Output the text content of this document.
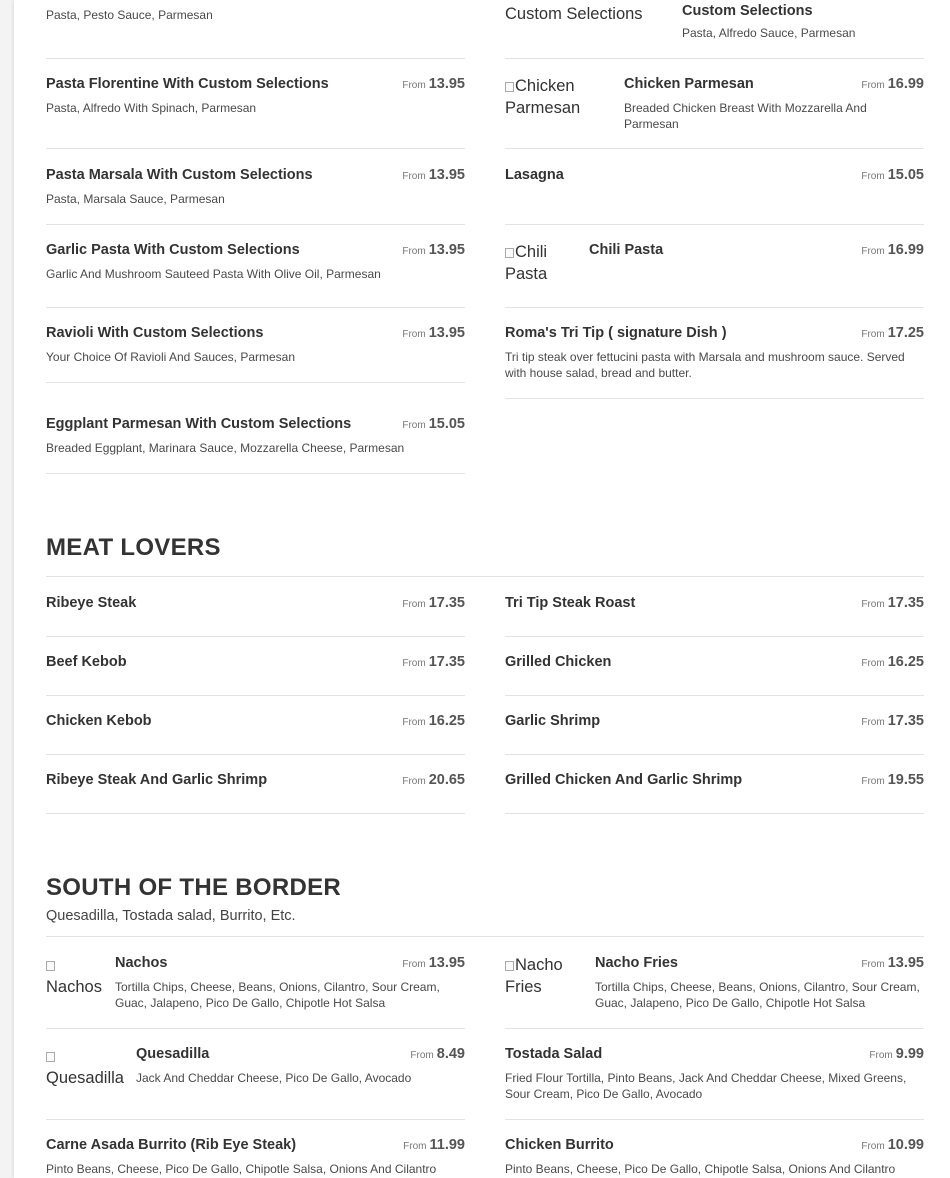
Pasta, Pesto Sauce, Parmesan	Custom Selections	Custom Selections
Pasta, Alfredo Sauce, Parmesan
Pasta Florentine With Custom Selections	From 13.95
Pasta, Alfredo With Spinach, Parmesan
Chicken Parmesan
Chicken Parmesan	From 16.99
Breaded Chicken Breast With Mozzarella And Parmesan
Pasta Marsala With Custom Selections	From 13.95
Pasta, Marsala Sauce, Parmesan
Lasagna	From 15.05
Garlic Pasta With Custom Selections	From 13.95
Garlic And Mushroom Sauteed Pasta With Olive Oil, Parmesan
Chili Pasta
Chili Pasta	From 16.99
Ravioli With Custom Selections	From 13.95
Your Choice Of Ravioli And Sauces, Parmesan
Roma's Tri Tip ( signature Dish )	From 17.25
Tri tip steak over fettucini pasta with Marsala and mushroom sauce. Served with house salad, bread and butter.
Eggplant Parmesan With Custom Selections	From 15.05
Breaded Eggplant, Marinara Sauce, Mozzarella Cheese, Parmesan
MEAT LOVERS
Ribeye Steak	From 17.35	Tri Tip Steak Roast	From 17.35
Beef Kebob	From 17.35	Grilled Chicken	From 16.25
Chicken Kebob	From 16.25	Garlic Shrimp	From 17.35
Ribeye Steak And Garlic Shrimp	From 20.65	Grilled Chicken And Garlic Shrimp	From 19.55
SOUTH OF THE BORDER
Quesadilla, Tostada salad, Burrito, Etc.

Nachos
Nachos	From 13.95
Tortilla Chips, Cheese, Beans, Onions, Cilantro, Sour Cream, Guac, Jalapeno, Pico De Gallo, Chipotle Hot Salsa
Nacho Fries
Nacho Fries	From 13.95
Tortilla Chips, Cheese, Beans, Onions, Cilantro, Sour Cream, Guac, Jalapeno, Pico De Gallo, Chipotle Hot Salsa

Quesadilla
Quesadilla	From 8.49
Jack And Cheddar Cheese, Pico De Gallo, Avocado
Tostada Salad	From 9.99
Fried Flour Tortilla, Pinto Beans, Jack And Cheddar Cheese, Mixed Greens, Sour Cream, Pico De Gallo, Avocado
Carne Asada Burrito (Rib Eye Steak)	From 11.99
Pinto Beans, Cheese, Pico De Gallo, Chipotle Salsa, Onions And Cilantro
Chicken Burrito	From 10.99
Pinto Beans, Cheese, Pico De Gallo, Chipotle Salsa, Onions And Cilantro
